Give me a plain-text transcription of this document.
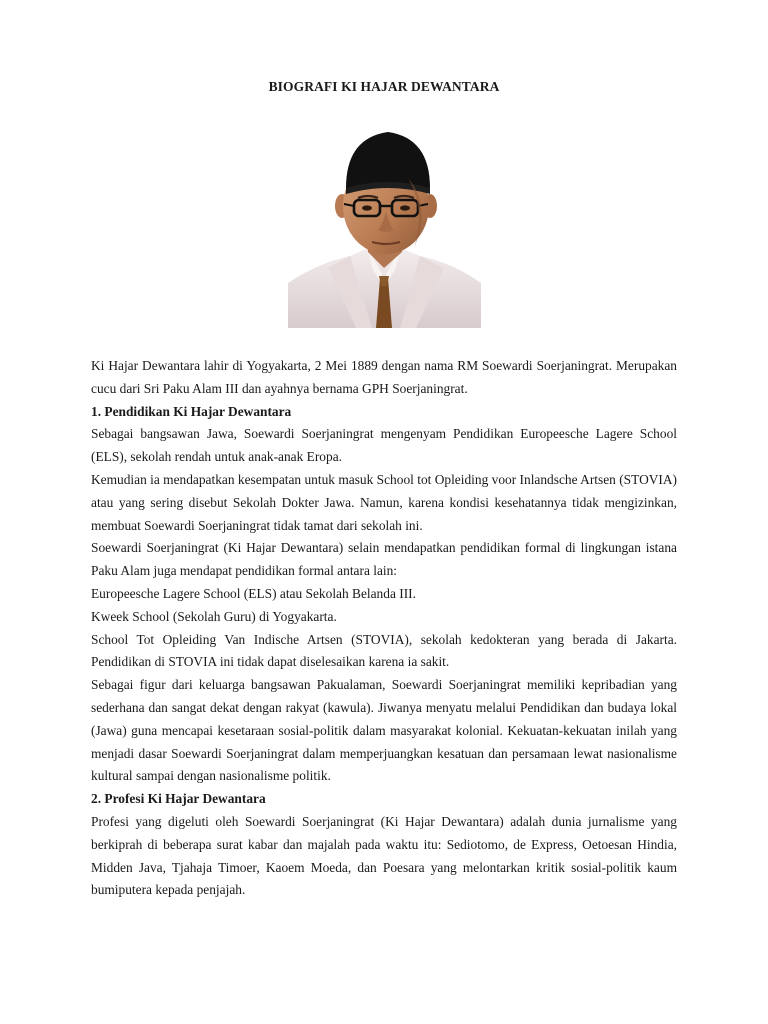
BIOGRAFI KI HAJAR DEWANTARA

Ki Hajar Dewantara lahir di Yogyakarta, 2 Mei 1889 dengan nama RM Soewardi Soerjaningrat. Merupakan cucu dari Sri Paku Alam III dan ayahnya bernama GPH Soerjaningrat.

1. Pendidikan Ki Hajar Dewantara

Sebagai bangsawan Jawa, Soewardi Soerjaningrat mengenyam Pendidikan Europeesche Lagere School (ELS), sekolah rendah untuk anak-anak Eropa.

Kemudian ia mendapatkan kesempatan untuk masuk School tot Opleiding voor Inlandsche Artsen (STOVIA) atau yang sering disebut Sekolah Dokter Jawa. Namun, karena kondisi kesehatannya tidak mengizinkan, membuat Soewardi Soerjaningrat tidak tamat dari sekolah ini.

Soewardi Soerjaningrat (Ki Hajar Dewantara) selain mendapatkan pendidikan formal di lingkungan istana Paku Alam juga mendapat pendidikan formal antara lain:

Europeesche Lagere School (ELS) atau Sekolah Belanda III.

Kweek School (Sekolah Guru) di Yogyakarta.

School Tot Opleiding Van Indische Artsen (STOVIA), sekolah kedokteran yang berada di Jakarta. Pendidikan di STOVIA ini tidak dapat diselesaikan karena ia sakit.

Sebagai figur dari keluarga bangsawan Pakualaman, Soewardi Soerjaningrat memiliki kepribadian yang sederhana dan sangat dekat dengan rakyat (kawula). Jiwanya menyatu melalui Pendidikan dan budaya lokal (Jawa) guna mencapai kesetaraan sosial-politik dalam masyarakat kolonial. Kekuatan-kekuatan inilah yang menjadi dasar Soewardi Soerjaningrat dalam memperjuangkan kesatuan dan persamaan lewat nasionalisme kultural sampai dengan nasionalisme politik.

2. Profesi Ki Hajar Dewantara

Profesi yang digeluti oleh Soewardi Soerjaningrat (Ki Hajar Dewantara) adalah dunia jurnalisme yang berkiprah di beberapa surat kabar dan majalah pada waktu itu: Sediotomo, de Express, Oetoesan Hindia, Midden Java, Tjahaja Timoer, Kaoem Moeda, dan Poesara yang melontarkan kritik sosial-politik kaum bumiputera kepada penjajah.
